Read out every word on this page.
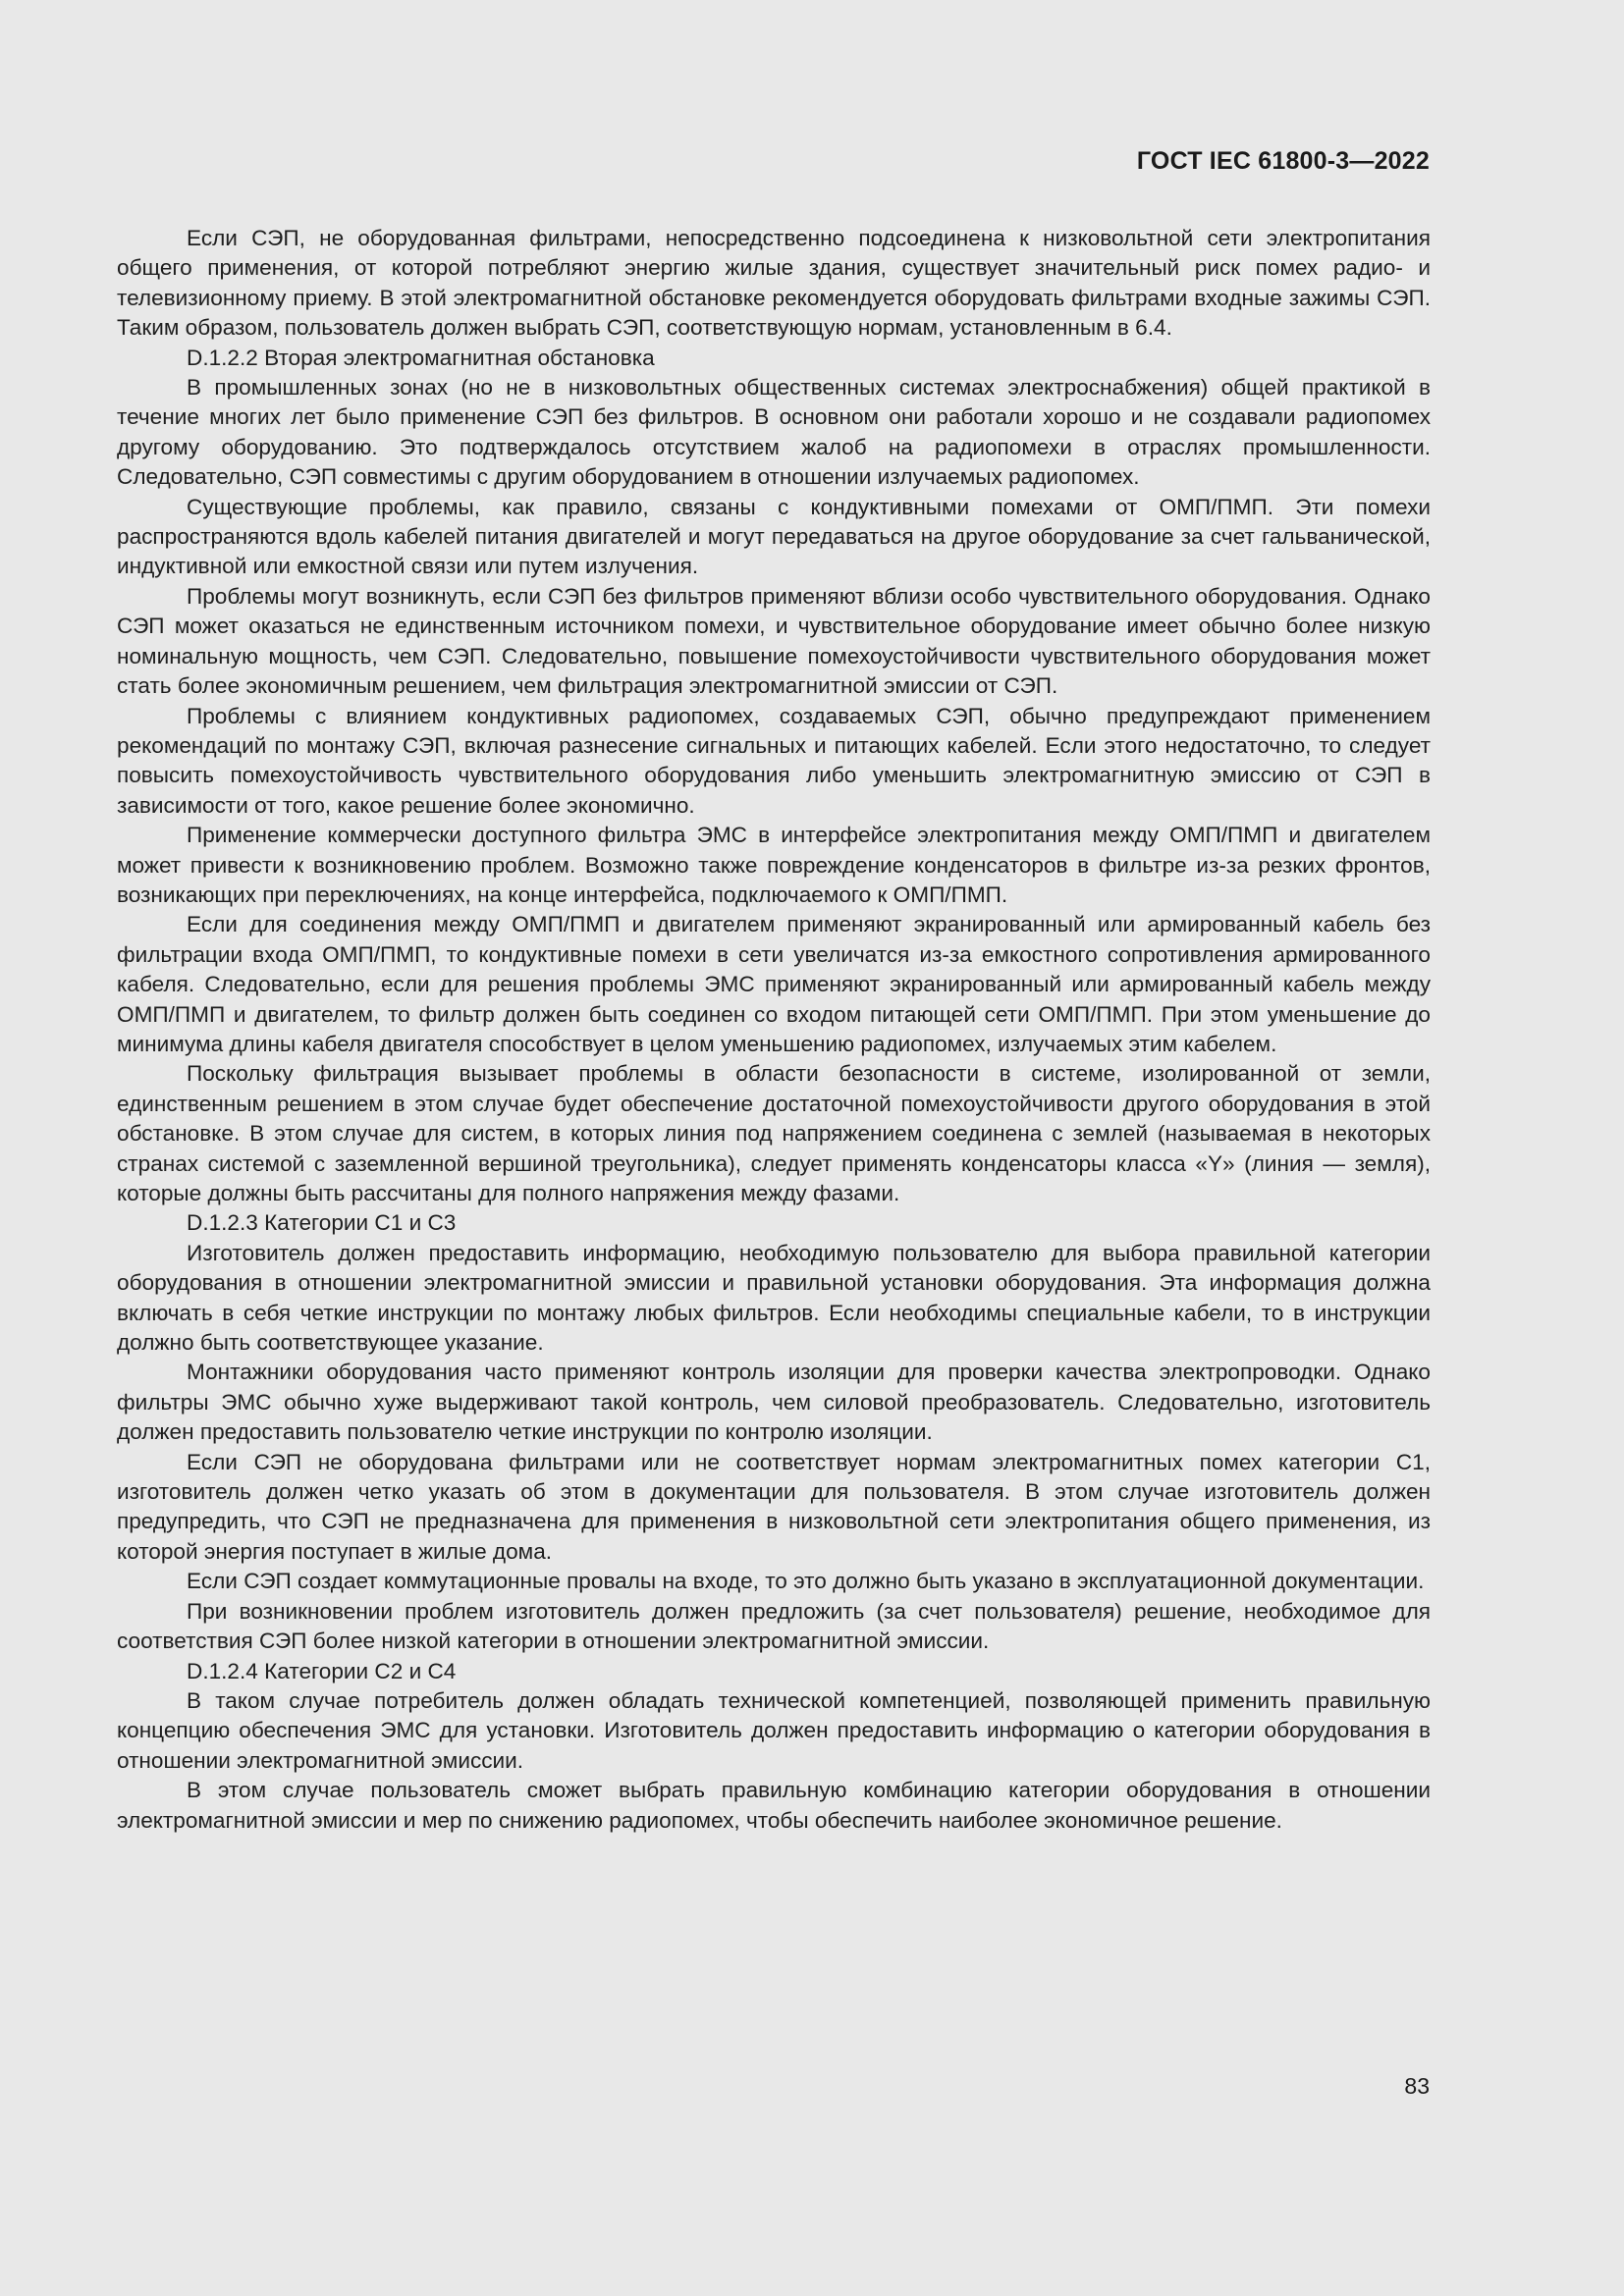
ГОСТ IEC 61800-3—2022

Если СЭП, не оборудованная фильтрами, непосредственно подсоединена к низковольтной сети электропитания общего применения, от которой потребляют энергию жилые здания, существует значительный риск помех радио- и телевизионному приему. В этой электромагнитной обстановке рекомендуется оборудовать фильтрами входные зажимы СЭП. Таким образом, пользователь должен выбрать СЭП, соответствующую нормам, установленным в 6.4.

D.1.2.2 Вторая электромагнитная обстановка

В промышленных зонах (но не в низковольтных общественных системах электроснабжения) общей практикой в течение многих лет было применение СЭП без фильтров. В основном они работали хорошо и не создавали радиопомех другому оборудованию. Это подтверждалось отсутствием жалоб на радиопомехи в отраслях промышленности. Следовательно, СЭП совместимы с другим оборудованием в отношении излучаемых радиопомех.

Существующие проблемы, как правило, связаны с кондуктивными помехами от ОМП/ПМП. Эти помехи распространяются вдоль кабелей питания двигателей и могут передаваться на другое оборудование за счет гальванической, индуктивной или емкостной связи или путем излучения.

Проблемы могут возникнуть, если СЭП без фильтров применяют вблизи особо чувствительного оборудования. Однако СЭП может оказаться не единственным источником помехи, и чувствительное оборудование имеет обычно более низкую номинальную мощность, чем СЭП. Следовательно, повышение помехоустойчивости чувствительного оборудования может стать более экономичным решением, чем фильтрация электромагнитной эмиссии от СЭП.

Проблемы с влиянием кондуктивных радиопомех, создаваемых СЭП, обычно предупреждают применением рекомендаций по монтажу СЭП, включая разнесение сигнальных и питающих кабелей. Если этого недостаточно, то следует повысить помехоустойчивость чувствительного оборудования либо уменьшить электромагнитную эмиссию от СЭП в зависимости от того, какое решение более экономично.

Применение коммерчески доступного фильтра ЭМС в интерфейсе электропитания между ОМП/ПМП и двигателем может привести к возникновению проблем. Возможно также повреждение конденсаторов в фильтре из-за резких фронтов, возникающих при переключениях, на конце интерфейса, подключаемого к ОМП/ПМП.

Если для соединения между ОМП/ПМП и двигателем применяют экранированный или армированный кабель без фильтрации входа ОМП/ПМП, то кондуктивные помехи в сети увеличатся из-за емкостного сопротивления армированного кабеля. Следовательно, если для решения проблемы ЭМС применяют экранированный или армированный кабель между ОМП/ПМП и двигателем, то фильтр должен быть соединен со входом питающей сети ОМП/ПМП. При этом уменьшение до минимума длины кабеля двигателя способствует в целом уменьшению радиопомех, излучаемых этим кабелем.

Поскольку фильтрация вызывает проблемы в области безопасности в системе, изолированной от земли, единственным решением в этом случае будет обеспечение достаточной помехоустойчивости другого оборудования в этой обстановке. В этом случае для систем, в которых линия под напряжением соединена с землей (называемая в некоторых странах системой с заземленной вершиной треугольника), следует применять конденсаторы класса «Y» (линия — земля), которые должны быть рассчитаны для полного напряжения между фазами.

D.1.2.3 Категории С1 и С3

Изготовитель должен предоставить информацию, необходимую пользователю для выбора правильной категории оборудования в отношении электромагнитной эмиссии и правильной установки оборудования. Эта информация должна включать в себя четкие инструкции по монтажу любых фильтров. Если необходимы специальные кабели, то в инструкции должно быть соответствующее указание.

Монтажники оборудования часто применяют контроль изоляции для проверки качества электропроводки. Однако фильтры ЭМС обычно хуже выдерживают такой контроль, чем силовой преобразователь. Следовательно, изготовитель должен предоставить пользователю четкие инструкции по контролю изоляции.

Если СЭП не оборудована фильтрами или не соответствует нормам электромагнитных помех категории С1, изготовитель должен четко указать об этом в документации для пользователя. В этом случае изготовитель должен предупредить, что СЭП не предназначена для применения в низковольтной сети электропитания общего применения, из которой энергия поступает в жилые дома.

Если СЭП создает коммутационные провалы на входе, то это должно быть указано в эксплуатационной документации.

При возникновении проблем изготовитель должен предложить (за счет пользователя) решение, необходимое для соответствия СЭП более низкой категории в отношении электромагнитной эмиссии.

D.1.2.4 Категории С2 и С4

В таком случае потребитель должен обладать технической компетенцией, позволяющей применить правильную концепцию обеспечения ЭМС для установки. Изготовитель должен предоставить информацию о категории оборудования в отношении электромагнитной эмиссии.

В этом случае пользователь сможет выбрать правильную комбинацию категории оборудования в отношении электромагнитной эмиссии и мер по снижению радиопомех, чтобы обеспечить наиболее экономичное решение.

83
